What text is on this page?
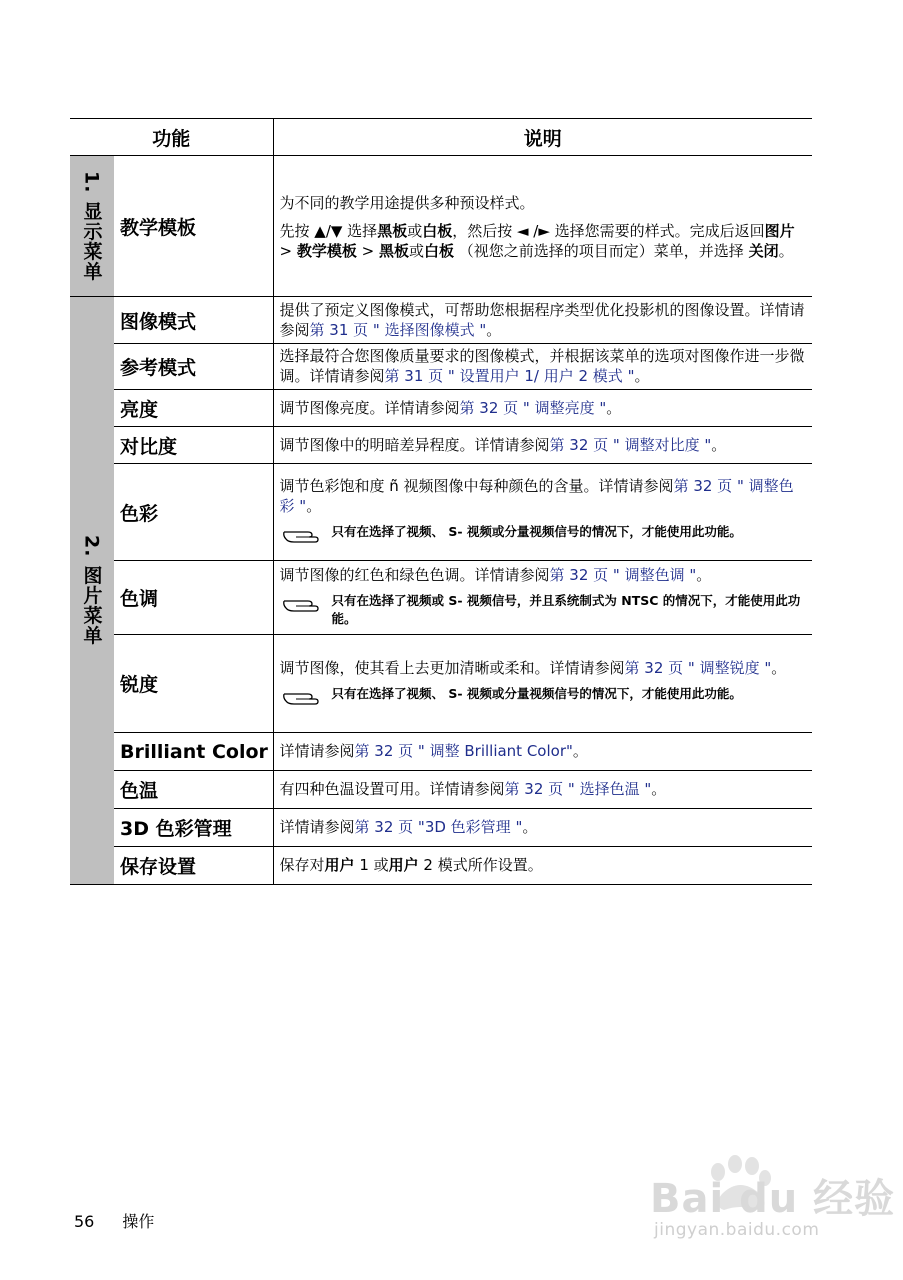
功能		说明

1. 显示菜单	教学模板	为不同的教学用途提供多种预设样式。

先按 ▲/▼ 选择黑板或白板，然后按 ◄ /► 选择您需要的样式。完成后返回图片 > 教学模板 > 黑板或白板 （视您之前选择的项目而定）菜单，并选择 关闭。

2. 图片菜单	图像模式	提供了预定义图像模式，可帮助您根据程序类型优化投影机的图像设置。详情请参阅第 31 页 " 选择图像模式 "。
	参考模式	选择最符合您图像质量要求的图像模式，并根据该菜单的选项对图像作进一步微调。详情请参阅第 31 页 " 设置用户 1/ 用户 2 模式 "。
	亮度	调节图像亮度。详情请参阅第 32 页 " 调整亮度 "。
	对比度	调节图像中的明暗差异程度。详情请参阅第 32 页 " 调整对比度 "。
	色彩	调节色彩饱和度 ñ 视频图像中每种颜色的含量。详情请参阅第 32 页 " 调整色彩 "。
只有在选择了视频、 S- 视频或分量视频信号的情况下，才能使用此功能。

	色调	调节图像的红色和绿色色调。详情请参阅第 32 页 " 调整色调 "。
只有在选择了视频或 S- 视频信号，并且系统制式为 NTSC 的情况下，才能使用此功能。

	锐度	调节图像，使其看上去更加清晰或柔和。详情请参阅第 32 页 " 调整锐度 "。
只有在选择了视频、 S- 视频或分量视频信号的情况下，才能使用此功能。

	Brilliant Color	详情请参阅第 32 页 " 调整 Brilliant Color"。
	色温	有四种色温设置可用。详情请参阅第 32 页 " 选择色温 "。
	3D 色彩管理	详情请参阅第 32 页 "3D 色彩管理 "。
	保存设置	保存对用户 1 或用户 2 模式所作设置。
56 操作	Bai du 经验
jingyan.baidu.com
